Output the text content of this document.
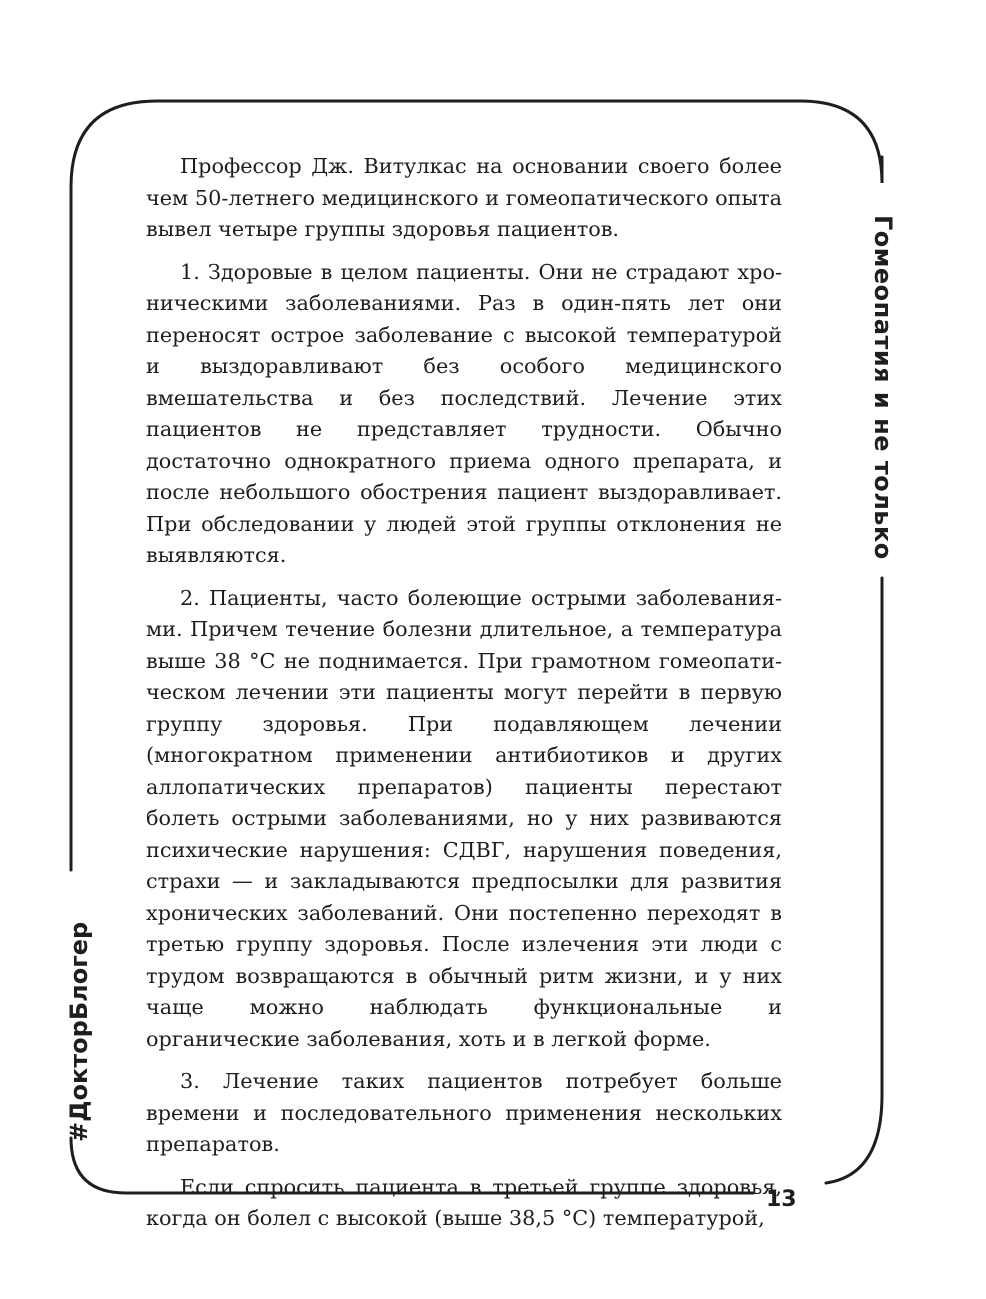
Гомеопатия и не только
#ДокторБлогер
13

Профессор Дж. Витулкас на основании своего более чем 50-летнего медицинского и гомеопатического опыта вывел четыре группы здоровья пациентов.

1. Здоровые в целом пациенты. Они не страдают хроническими заболеваниями. Раз в один-пять лет они переносят острое заболевание с высокой температурой и выздоравливают без особого медицинского вмешательства и без последствий. Лечение этих пациентов не представляет трудности. Обычно достаточно однократного приема одного препарата, и после небольшого обострения пациент выздоравливает. При обследовании у людей этой группы отклонения не выявляются.

2. Пациенты, часто болеющие острыми заболеваниями. Причем течение болезни длительное, а температура выше 38 °С не поднимается. При грамотном гомеопатическом лечении эти пациенты могут перейти в первую группу здоровья. При подавляющем лечении (многократном применении антибиотиков и других аллопатических препаратов) пациенты перестают болеть острыми заболеваниями, но у них развиваются психические нарушения: СДВГ, нарушения поведения, страхи — и закладываются предпосылки для развития хронических заболеваний. Они постепенно переходят в третью группу здоровья. После излечения эти люди с трудом возвращаются в обычный ритм жизни, и у них чаще можно наблюдать функциональные и органические заболевания, хоть и в легкой форме.

3. Лечение таких пациентов потребует больше времени и последовательного применения нескольких препаратов.

Если спросить пациента в третьей группе здоровья, когда он болел с высокой (выше 38,5 °С) температурой,
